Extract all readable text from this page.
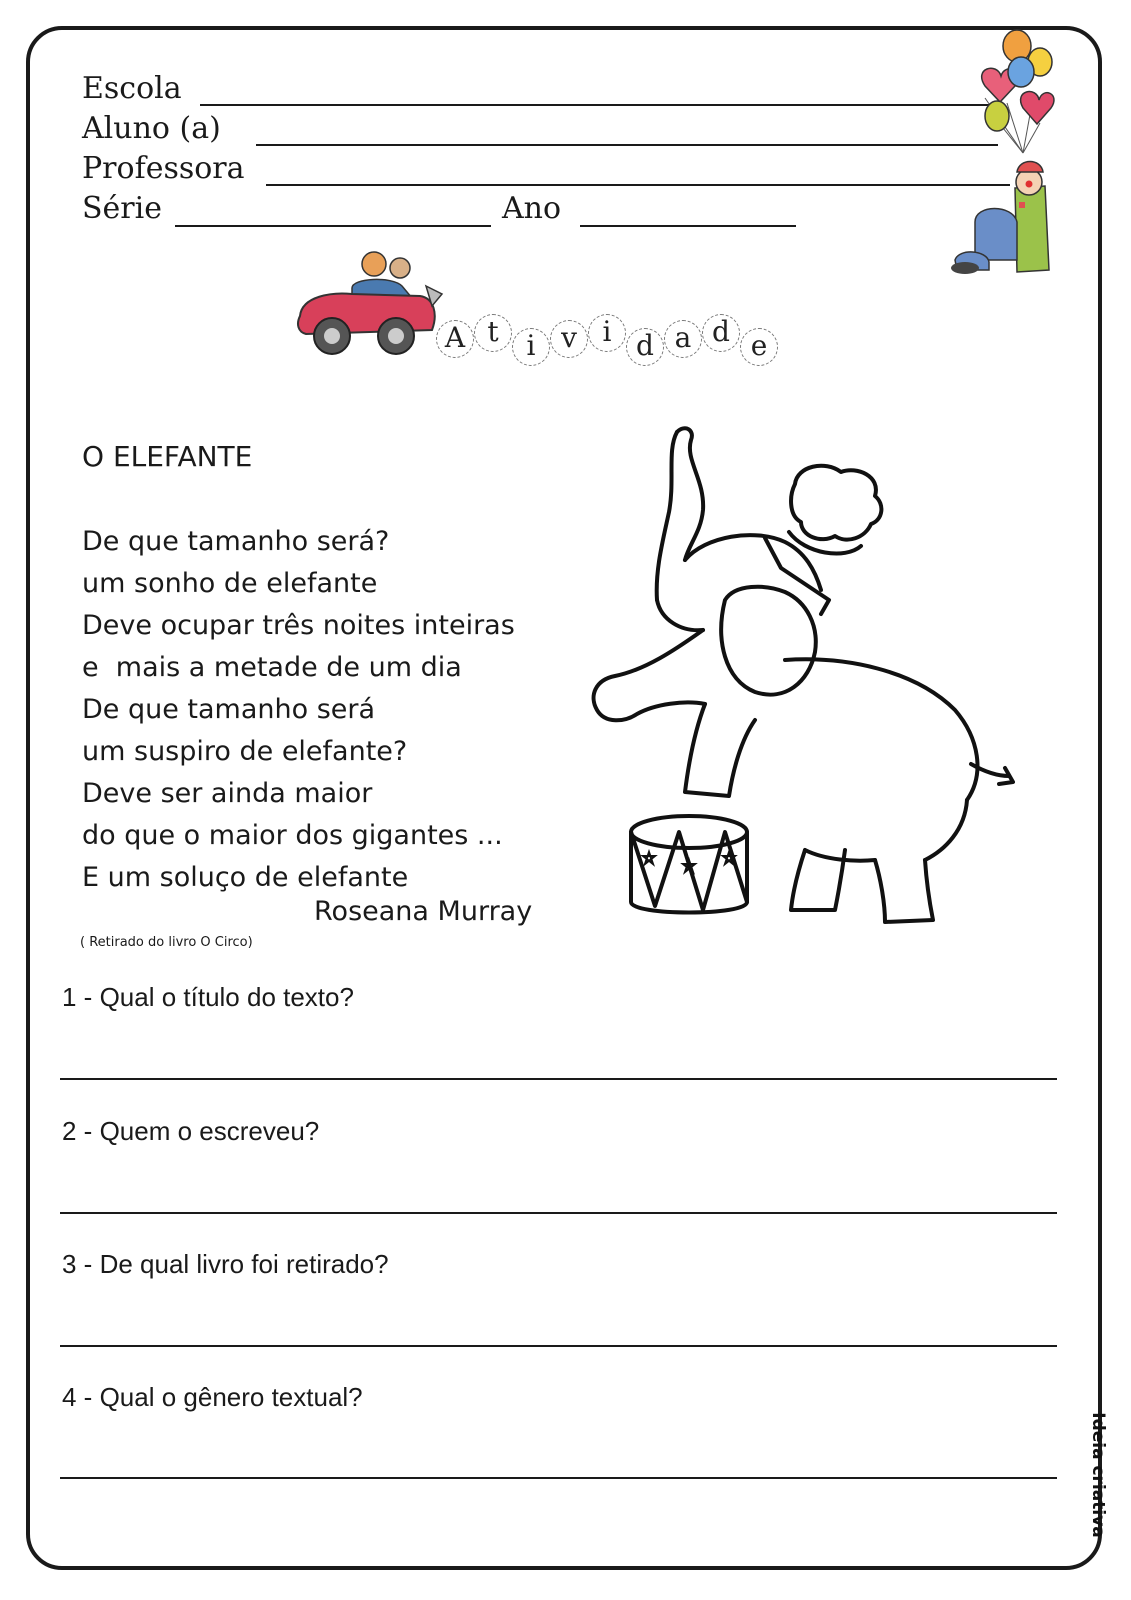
Escola
Aluno (a)
Professora
Série	Ano
A t i v i d a d e
O ELEFANTE
De que tamanho será?
um sonho de elefante
Deve ocupar três noites inteiras
e  mais a metade de um dia
De que tamanho será
um suspiro de elefante?
Deve ser ainda maior
do que o maior dos gigantes ...
E um soluço de elefante
Roseana Murray
( Retirado do livro O Circo)
1 - Qual o título do texto?
2 - Quem o escreveu?
3 - De qual livro foi retirado?
4 - Qual o gênero textual?
Ideia criativa
